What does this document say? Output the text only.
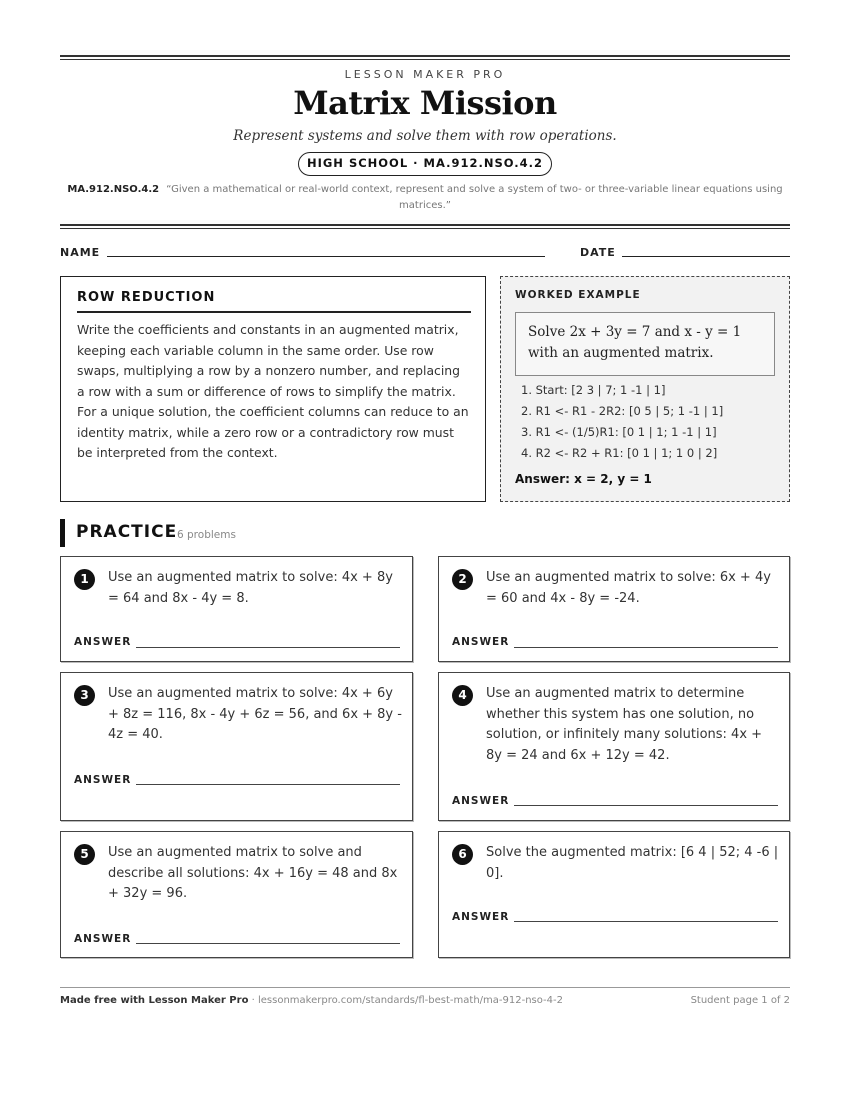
LESSON MAKER PRO
Matrix Mission
Represent systems and solve them with row operations.
HIGH SCHOOL · MA.912.NSO.4.2
MA.912.NSO.4.2 “Given a mathematical or real-world context, represent and solve a system of two- or three-variable linear equations using matrices.”
NAME	DATE
ROW REDUCTION

Write the coefficients and constants in an augmented matrix, keeping each variable column in the same order. Use row swaps, multiplying a row by a nonzero number, and replacing a row with a sum or difference of rows to simplify the matrix. For a unique solution, the coefficient columns can reduce to an identity matrix, while a zero row or a contradictory row must be interpreted from the context.

WORKED EXAMPLE
Solve 2x + 3y = 7 and x - y = 1 with an augmented matrix.
1. Start: [2 3 | 7; 1 -1 | 1]
2. R1 <- R1 - 2R2: [0 5 | 5; 1 -1 | 1]
3. R1 <- (1/5)R1: [0 1 | 1; 1 -1 | 1]
4. R2 <- R2 + R1: [0 1 | 1; 1 0 | 2]
Answer: x = 2, y = 1
PRACTICE 6 problems
1	Use an augmented matrix to solve: 4x + 8y = 64 and 8x - 4y = 8.
ANSWER
2	Use an augmented matrix to solve: 6x + 4y = 60 and 4x - 8y = -24.
ANSWER
3	Use an augmented matrix to solve: 4x + 6y + 8z = 116, 8x - 4y + 6z = 56, and 6x + 8y - 4z = 40.
ANSWER
4	Use an augmented matrix to determine whether this system has one solution, no solution, or infinitely many solutions: 4x + 8y = 24 and 6x + 12y = 42.
ANSWER
5	Use an augmented matrix to solve and describe all solutions: 4x + 16y = 48 and 8x + 32y = 96.
ANSWER
6	Solve the augmented matrix: [6 4 | 52; 4 -6 | 0].
ANSWER
Made free with Lesson Maker Pro · lessonmakerpro.com/standards/fl-best-math/ma-912-nso-4-2	Student page 1 of 2
